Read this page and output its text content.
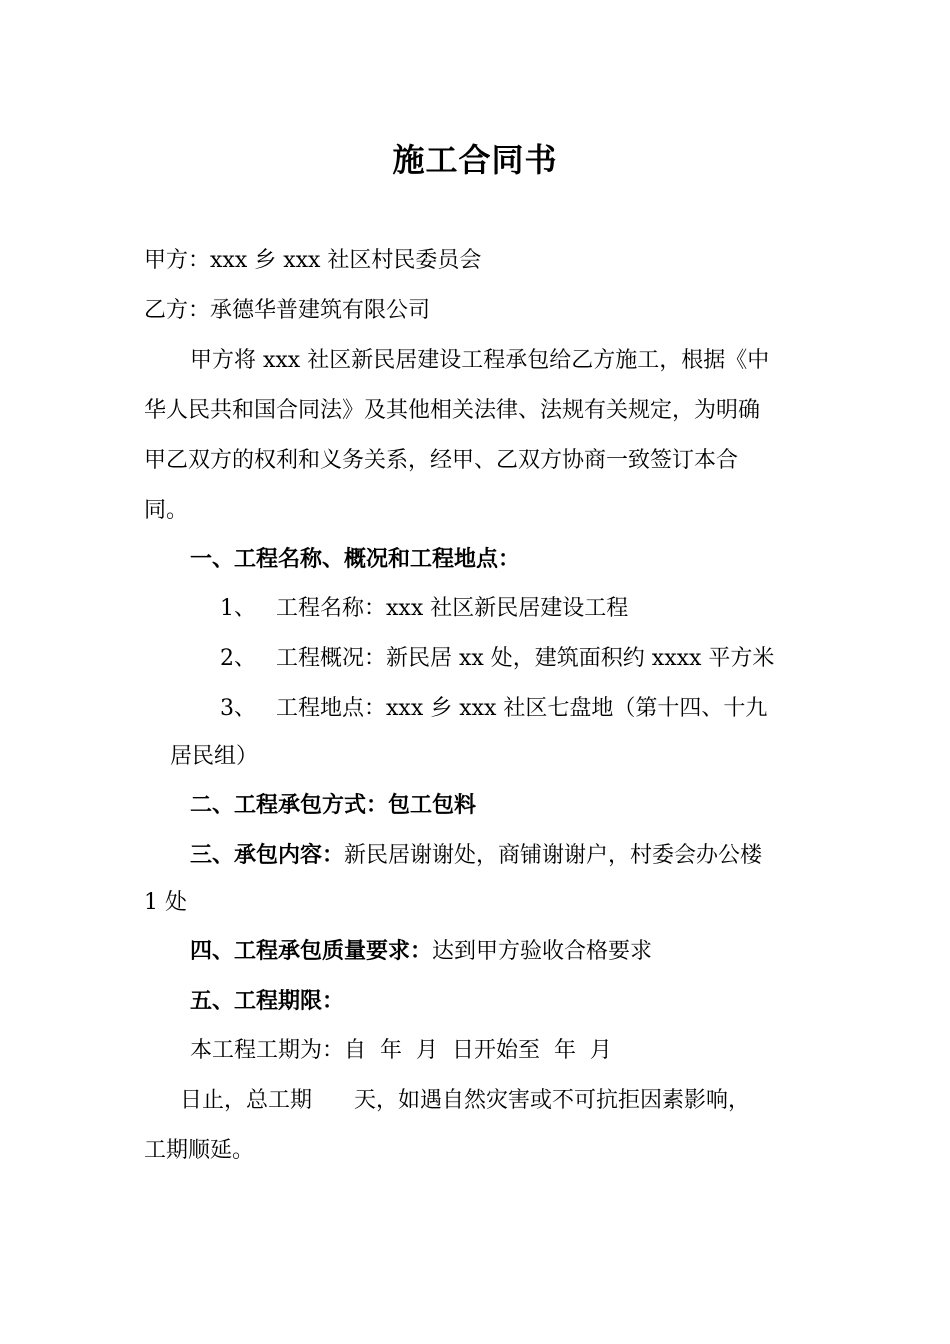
施工合同书
甲方：xxx 乡 xxx 社区村民委员会
乙方：承德华普建筑有限公司
甲方将 xxx 社区新民居建设工程承包给乙方施工，根据《中
华人民共和国合同法》及其他相关法律、法规有关规定，为明确
甲乙双方的权利和义务关系，经甲、乙双方协商一致签订本合
同。
一、工程名称、概况和工程地点：
1、 工程名称：xxx 社区新民居建设工程
2、 工程概况：新民居 xx 处，建筑面积约 xxxx 平方米
3、 工程地点：xxx 乡 xxx 社区七盘地（第十四、十九
居民组）
二、工程承包方式：包工包料
三、承包内容：新民居谢谢处，商铺谢谢户，村委会办公楼
1 处
四、工程承包质量要求：达到甲方验收合格要求
五、工程期限：
本工程工期为：自  年  月  日开始至  年  月
日止，总工期      天，如遇自然灾害或不可抗拒因素影响，
工期顺延。
